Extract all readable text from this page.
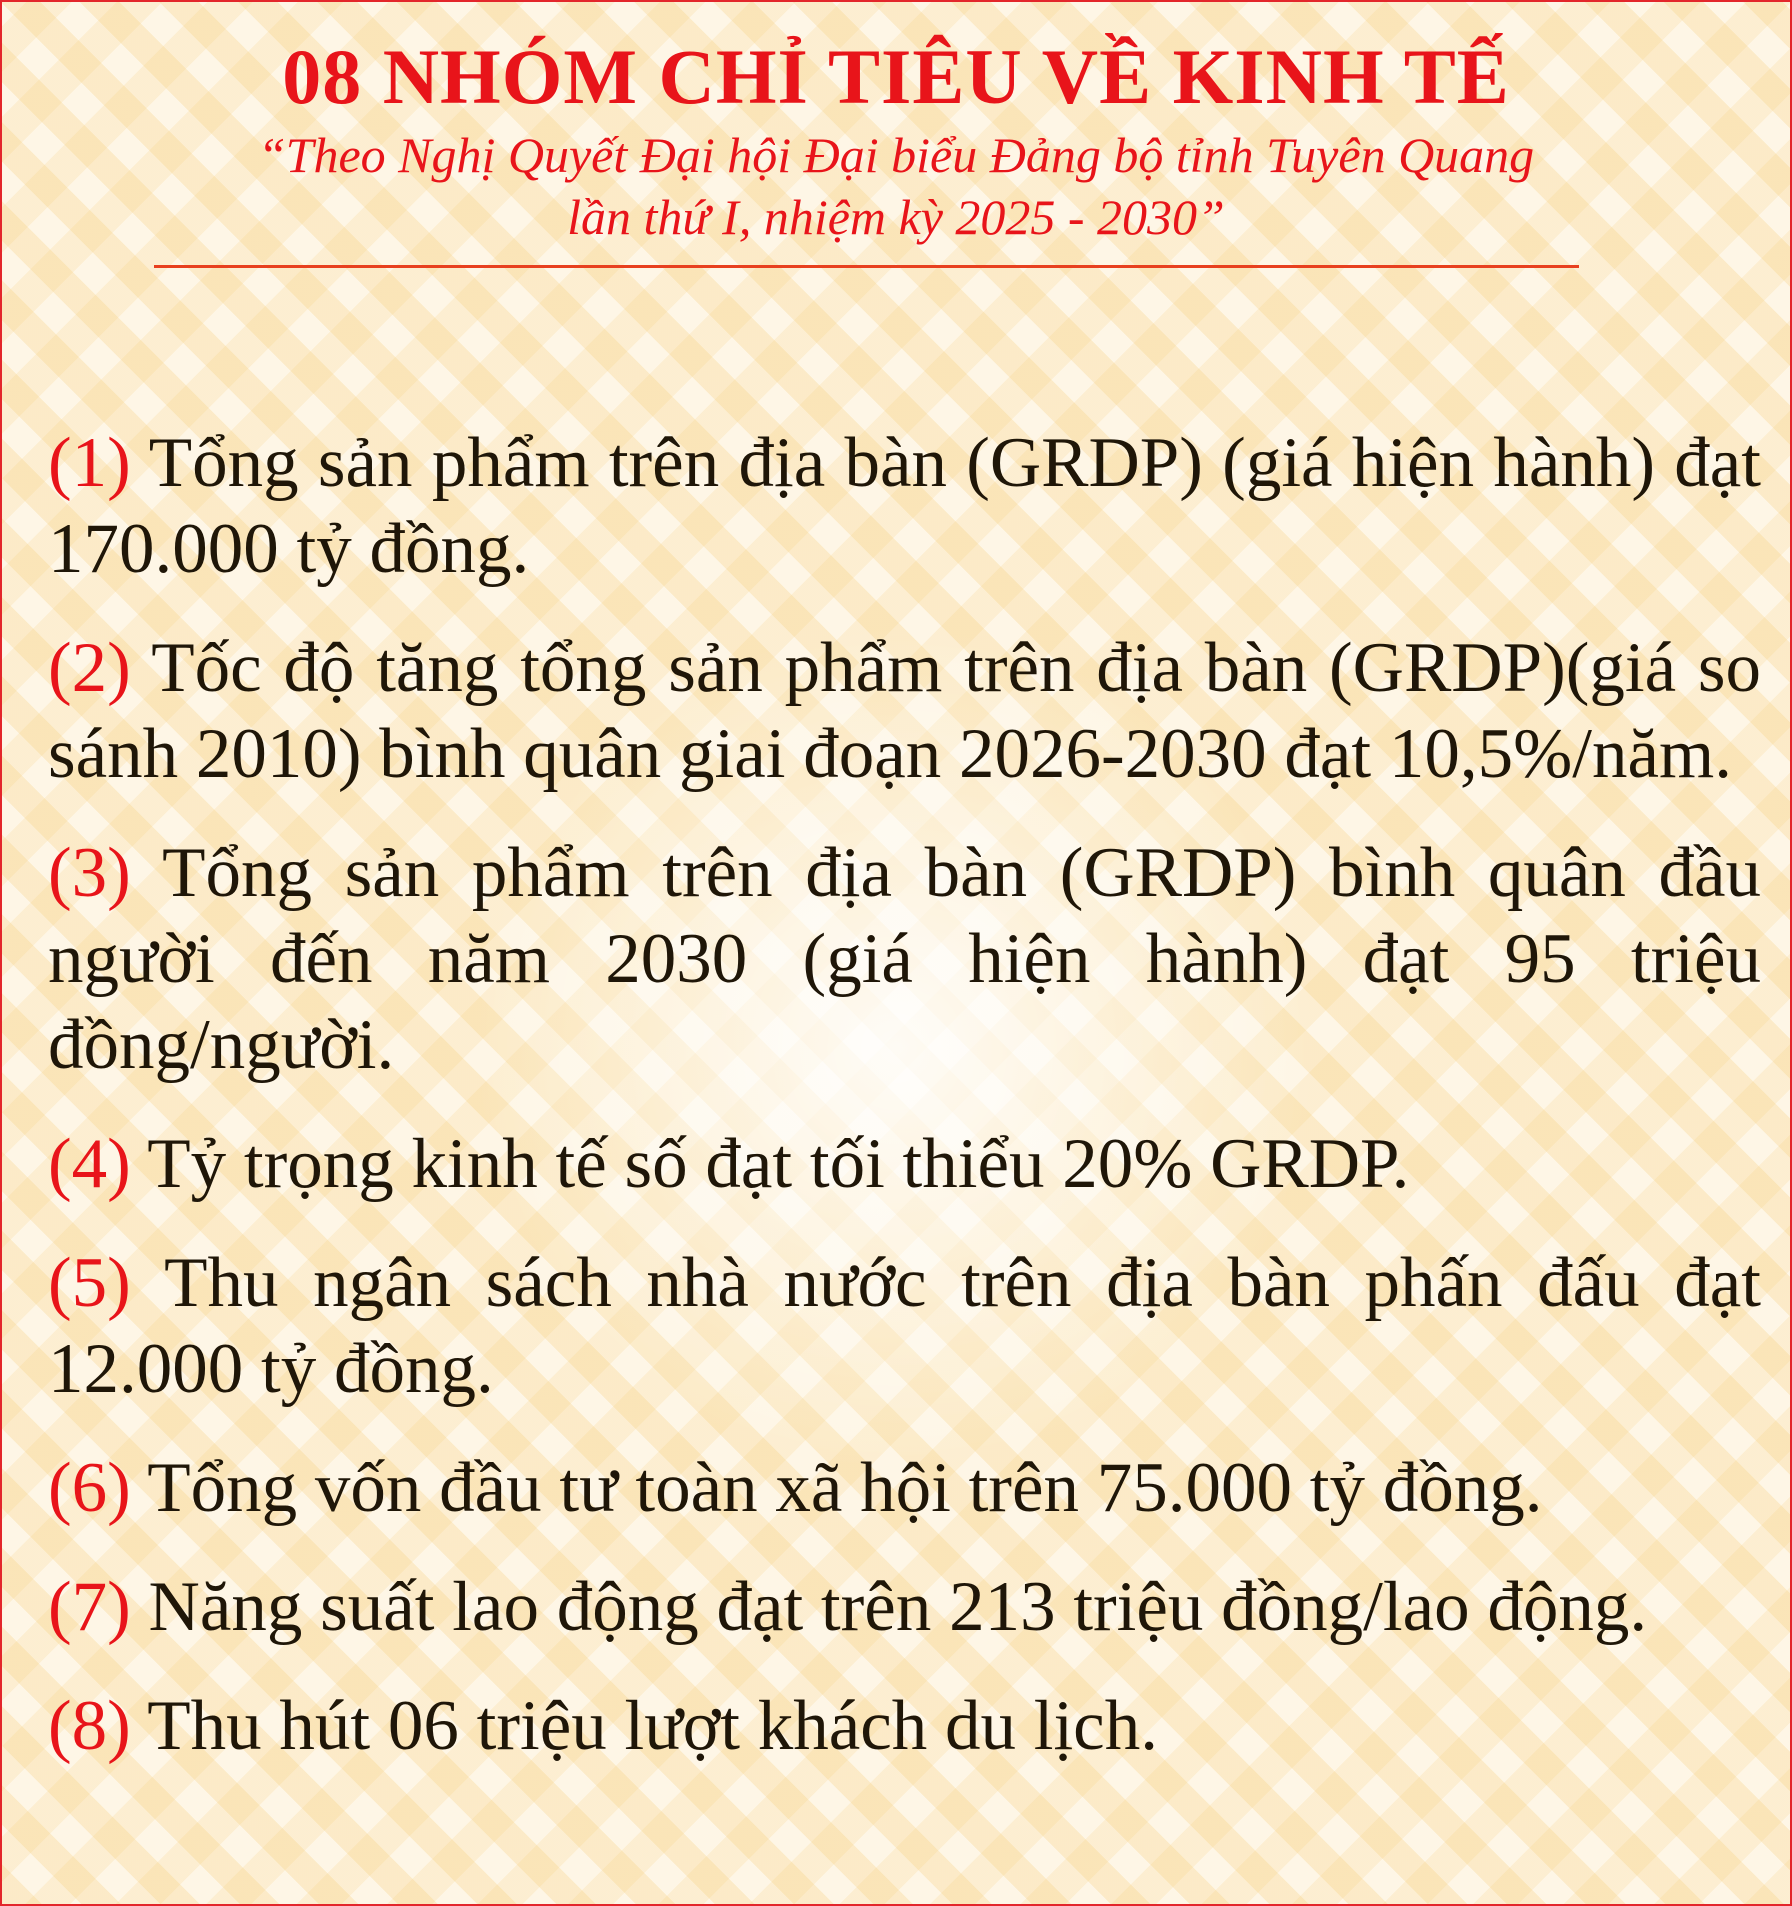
08 NHÓM CHỈ TIÊU VỀ KINH TẾ
“Theo Nghị Quyết Đại hội Đại biểu Đảng bộ tỉnh Tuyên Quang
lần thứ I, nhiệm kỳ 2025 - 2030”

(1) Tổng sản phẩm trên địa bàn (GRDP) (giá hiện hành) đạt 170.000 tỷ đồng.

(2) Tốc độ tăng tổng sản phẩm trên địa bàn (GRDP)(giá so sánh 2010) bình quân giai đoạn 2026-2030 đạt 10,5%/năm.

(3) Tổng sản phẩm trên địa bàn (GRDP) bình quân đầu người đến năm 2030 (giá hiện hành) đạt 95 triệu đồng/người.

(4) Tỷ trọng kinh tế số đạt tối thiểu 20% GRDP.

(5) Thu ngân sách nhà nước trên địa bàn phấn đấu đạt 12.000 tỷ đồng.

(6) Tổng vốn đầu tư toàn xã hội trên 75.000 tỷ đồng.

(7) Năng suất lao động đạt trên 213 triệu đồng/lao động.

(8) Thu hút 06 triệu lượt khách du lịch.
